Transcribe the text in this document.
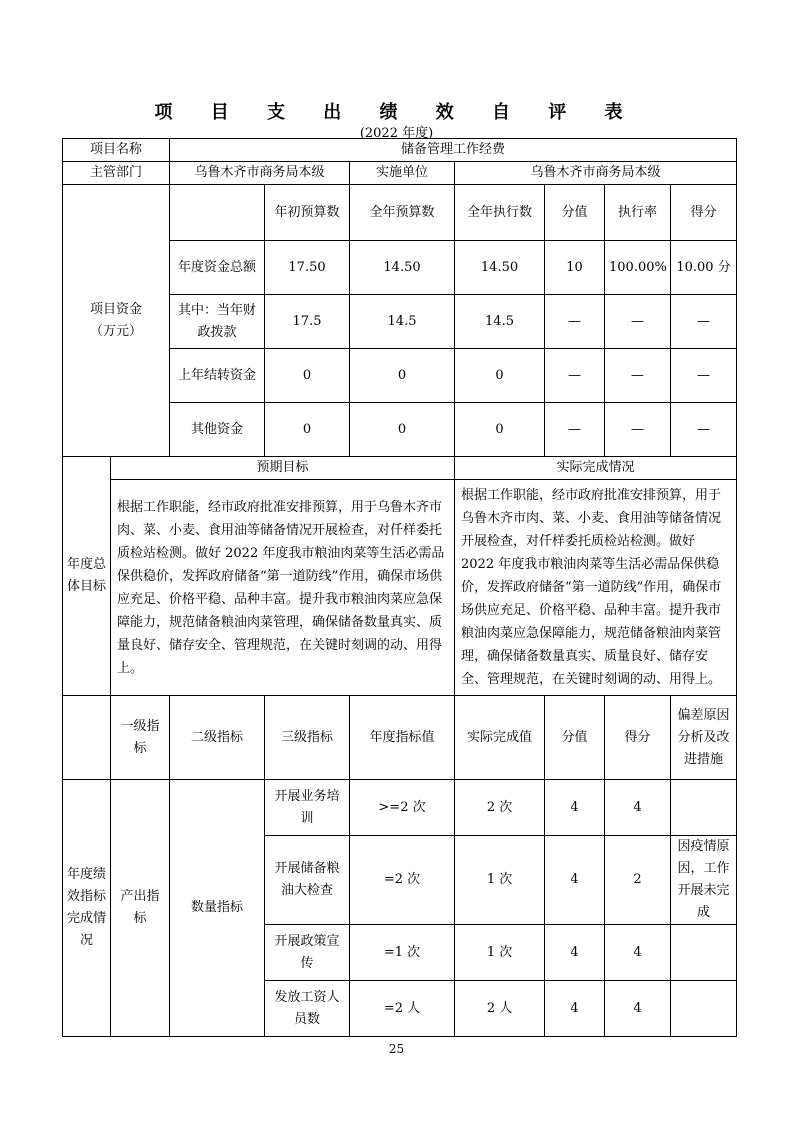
项 目 支 出 绩 效 自 评 表
(2022 年度)
项目名称		储备管理工作经费						
主管部门		乌鲁木齐市商务局本级		实施单位	乌鲁木齐市商务局本级			

项目资金
（万元）			年初预算数	全年预算数	全年执行数	分值	执行率	得分
		年度资金总额	17.50	14.50	14.50	10	100.00%	10.00 分
		其中：当年财政拨款	17.5	14.5	14.5	—	—	—
		上年结转资金	0	0	0	—	—	—
		其他资金	0	0	0	—	—	—
年度总体目标	预期目标				实际完成情况			
	根据工作职能，经市政府批准安排预算，用于乌鲁木齐市肉、菜、小麦、食用油等储备情况开展检查，对仟样委托质检站检测。做好 2022 年度我市粮油肉菜等生活必需品保供稳价，发挥政府储备“第一道防线”作用，确保市场供应充足、价格平稳、品种丰富。提升我市粮油肉菜应急保障能力，规范储备粮油肉菜管理，确保储备数量真实、质量良好、储存安全、管理规范，在关键时刻调的动、用得上。				根据工作职能，经市政府批准安排预算，用于乌鲁木齐市肉、菜、小麦、食用油等储备情况开展检查，对仟样委托质检站检测。做好 2022 年度我市粮油肉菜等生活必需品保供稳价，发挥政府储备“第一道防线”作用，确保市场供应充足、价格平稳、品种丰富。提升我市粮油肉菜应急保障能力，规范储备粮油肉菜管理，确保储备数量真实、质量良好、储存安全、管理规范，在关键时刻调的动、用得上。			
	一级指标	二级指标	三级指标	年度指标值	实际完成值	分值	得分	偏差原因分析及改进措施
年度绩效指标完成情况	产出指标	数量指标	开展业务培训	>=2 次	2 次	4	4	
			开展储备粮油大检查	=2 次	1 次	4	2	因疫情原因，工作开展未完成
			开展政策宣传	=1 次	1 次	4	4	
			发放工资人员数	=2 人	2 人	4	4	
25
